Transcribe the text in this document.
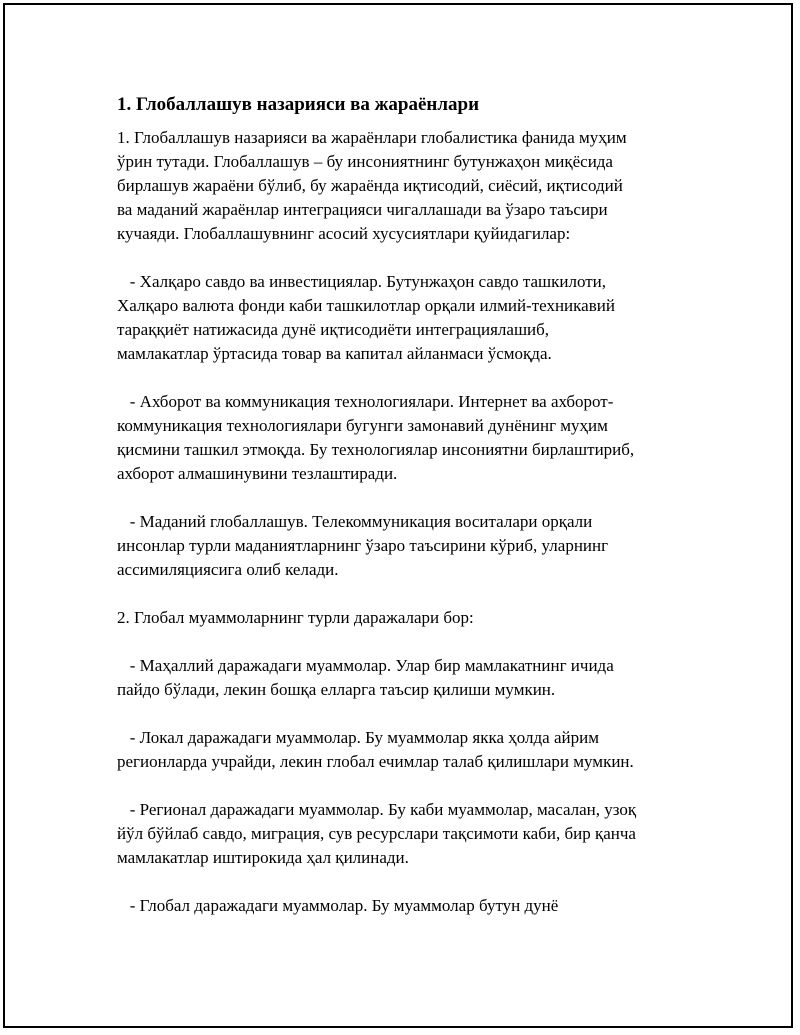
1. Глобаллашув назарияси ва жараёнлари
1. Глобаллашув назарияси ва жараёнлари глобалистика фанида муҳим
ўрин тутади. Глобаллашув – бу инсониятнинг бутунжаҳон миқёсида
бирлашув жараёни бўлиб, бу жараёнда иқтисодий, сиёсий, иқтисодий
ва маданий жараёнлар интеграцияси чигаллашади ва ўзаро таъсири
кучаяди. Глобаллашувнинг асосий хусусиятлари қуйидагилар:
- Халқаро савдо ва инвестициялар. Бутунжаҳон савдо ташкилоти,
Халқаро валюта фонди каби ташкилотлар орқали илмий-техникавий
тараққиёт натижасида дунё иқтисодиёти интеграциялашиб,
мамлакатлар ўртасида товар ва капитал айланмаси ўсмоқда.
- Ахборот ва коммуникация технологиялари. Интернет ва ахборот-
коммуникация технологиялари бугунги замонавий дунёнинг муҳим
қисмини ташкил этмоқда. Бу технологиялар инсониятни бирлаштириб,
ахборот алмашинувини тезлаштиради.
- Маданий глобаллашув. Телекоммуникация воситалари орқали
инсонлар турли маданиятларнинг ўзаро таъсирини кўриб, уларнинг
ассимиляциясига олиб келади.
2. Глобал муаммоларнинг турли даражалари бор:
- Маҳаллий даражадаги муаммолар. Улар бир мамлакатнинг ичида
пайдо бўлади, лекин бошқа елларга таъсир қилиши мумкин.
- Локал даражадаги муаммолар. Бу муаммолар якка ҳолда айрим
регионларда учрайди, лекин глобал ечимлар талаб қилишлари мумкин.
- Регионал даражадаги муаммолар. Бу каби муаммолар, масалан, узоқ
йўл бўйлаб савдо, миграция, сув ресурслари тақсимоти каби, бир қанча
мамлакатлар иштирокида ҳал қилинади.
- Глобал даражадаги муаммолар. Бу муаммолар бутун дунё
